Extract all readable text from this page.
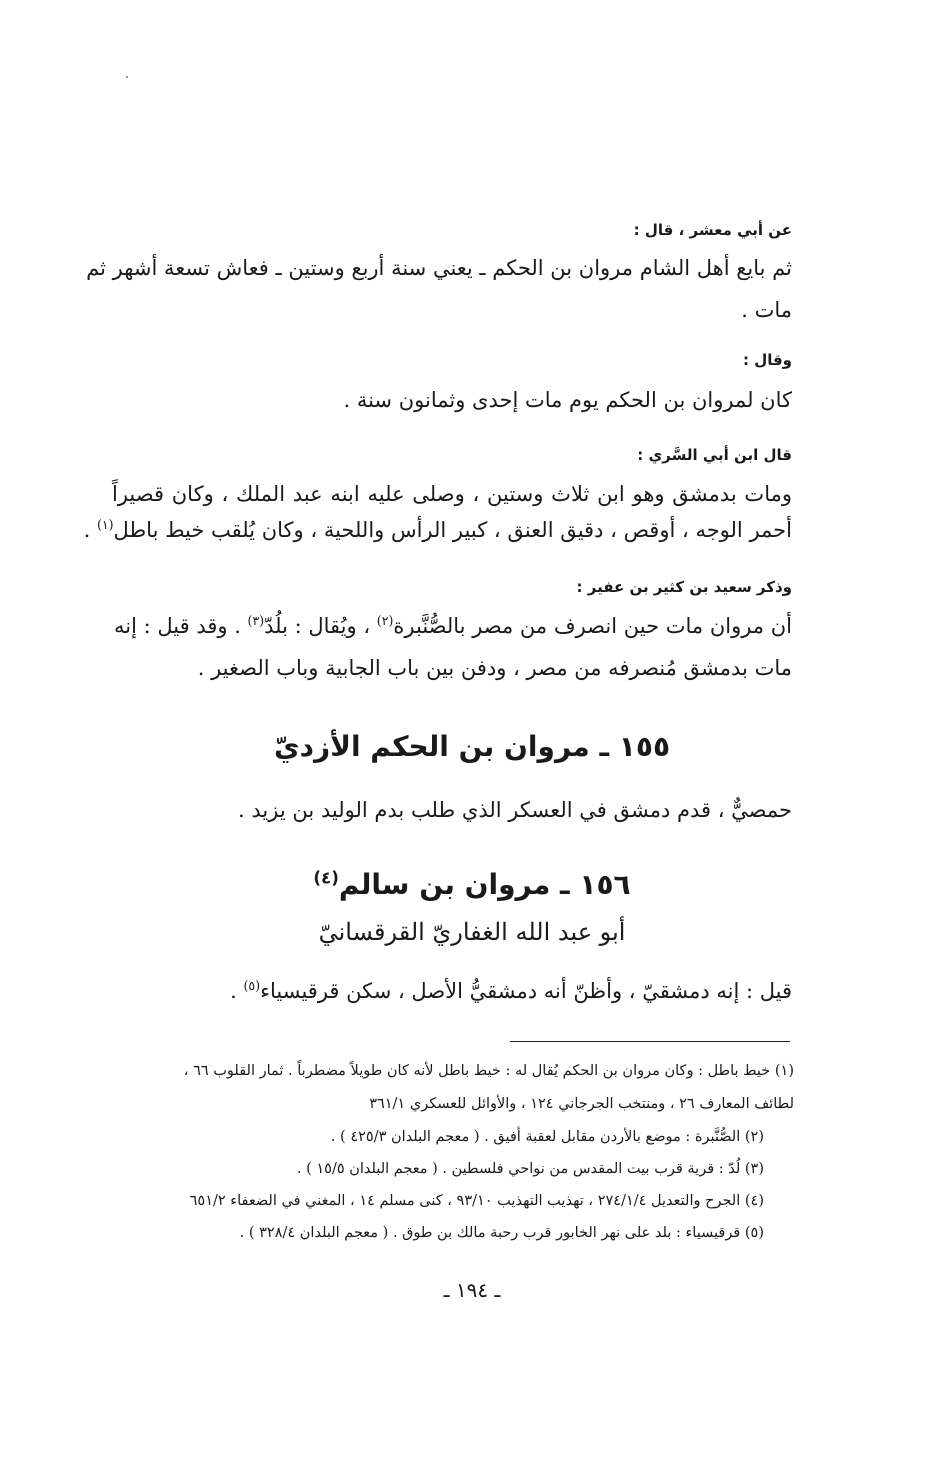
عن أبي معشر ، قال :
ثم بايع أهل الشام مروان بن الحكم ـ يعني سنة أربع وستين ـ فعاش تسعة أشهر ثم
مات .
وقال :
كان لمروان بن الحكم يوم مات إحدى وثمانون سنة .
قال ابن أبي السَّري :
ومات بدمشق وهو ابن ثلاث وستين ، وصلى عليه ابنه عبد الملك ، وكان قصيراً
أحمر الوجه ، أوقص ، دقيق العنق ، كبير الرأس واللحية ، وكان يُلقب خيط باطل$^{(١)}$ .
وذكر سعيد بن كثير بن عفير :
أن مروان مات حين انصرف من مصر بالصُّنَّبرة$^{(٢)}$ ، ويُقال : بلُدّ$^{(٣)}$ . وقد قيل : إنه
مات بدمشق مُنصرفه من مصر ، ودفن بين باب الجابية وباب الصغير .
١٥٥ ـ مروان بن الحكم الأزديّ
حمصيٌّ ، قدم دمشق في العسكر الذي طلب بدم الوليد بن يزيد .
١٥٦ ـ مروان بن سالم$^{(٤)}$
أبو عبد الله الغفاريّ القرقسانيّ
قيل : إنه دمشقيّ ، وأظنّ أنه دمشقيُّ الأصل ، سكن قرقيسياء$^{(٥)}$ .
(١) خيط باطل : وكان مروان بن الحكم يُقال له : خيط باطل لأنه كان طويلاً مضطرباً . ثمار القلوب ٦٦ ،
لطائف المعارف ٢٦ ، ومنتخب الجرجاني ١٢٤ ، والأوائل للعسكري ٣٦١/١
(٢) الصُّنَّبرة : موضع بالأردن مقابل لعقبة أفيق . ( معجم البلدان ٤٢٥/٣ ) .
(٣) لُدّ : قرية قرب بيت المقدس من نواحي فلسطين . ( معجم البلدان ١٥/٥ ) .
(٤) الجرح والتعديل ٢٧٤/١/٤ ، تهذيب التهذيب ٩٣/١٠ ، كنى مسلم ١٤ ، المغني في الضعفاء ٦٥١/٢
(٥) قرقيسياء : بلد على نهر الخابور قرب رحبة مالك بن طوق . ( معجم البلدان ٣٢٨/٤ ) .
ـ ١٩٤ ـ
